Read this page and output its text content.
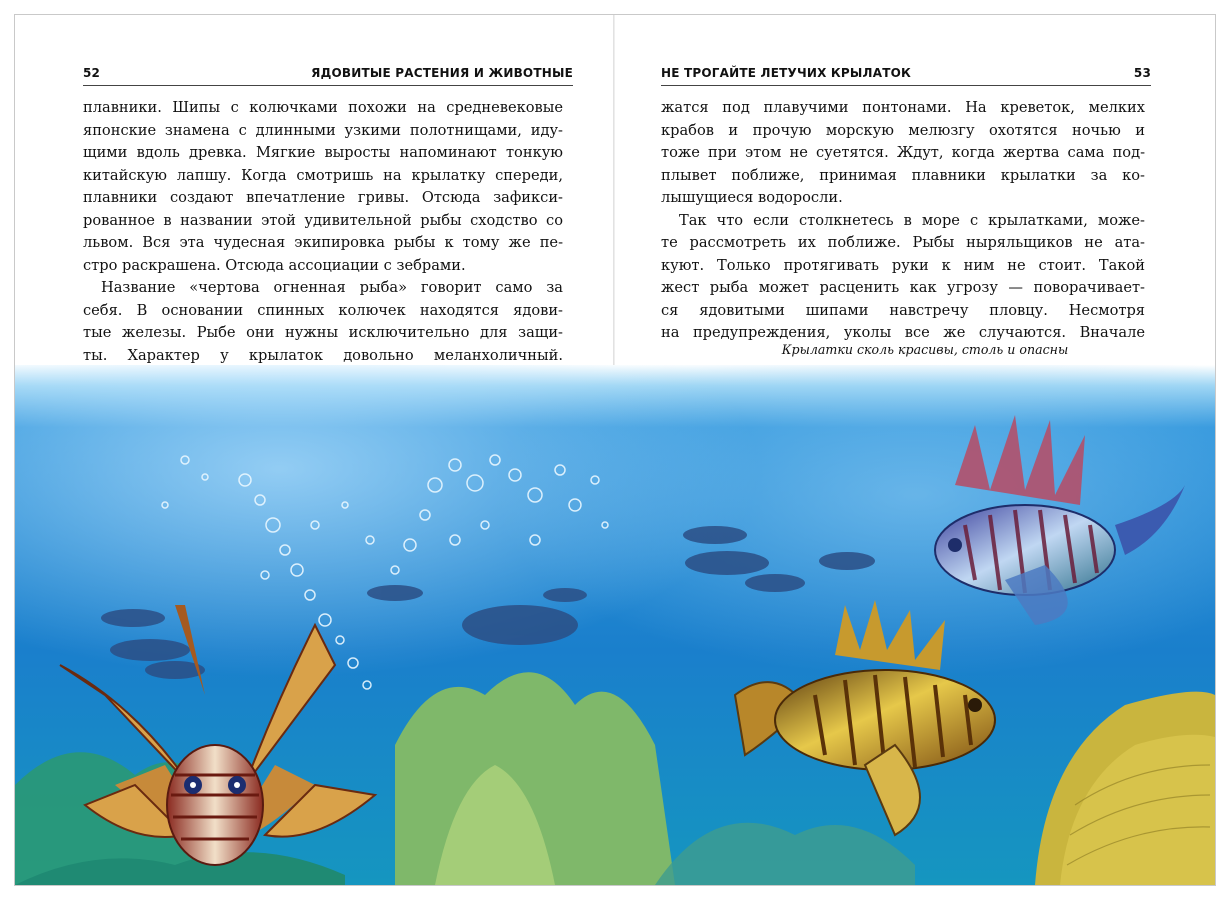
52	ЯДОВИТЫЕ РАСТЕНИЯ И ЖИВОТНЫЕ
плавники. Шипы с колючками похожи на средневековые
японские знамена с длинными узкими полотнищами, иду-
щими вдоль древка. Мягкие выросты напоминают тонкую
китайскую лапшу. Когда смотришь на крылатку спереди,
плавники создают впечатление гривы. Отсюда зафикси-
рованное в названии этой удивительной рыбы сходство со
львом. Вся эта чудесная экипировка рыбы к тому же пе-
стро раскрашена. Отсюда ассоциации с зебрами.
Название «чертова огненная рыба» говорит само за
себя. В основании спинных колючек находятся ядови-
тые железы. Рыбе они нужны исключительно для защи-
ты. Характер у крылаток довольно меланхоличный.
НЕ ТРОГАЙТЕ ЛЕТУЧИХ КРЫЛАТОК	53
жатся под плавучими понтонами. На креветок, мелких
крабов и прочую морскую мелюзгу охотятся ночью и
тоже при этом не суетятся. Ждут, когда жертва сама под-
плывет поближе, принимая плавники крылатки за ко-
лышущиеся водоросли.
Так что если столкнетесь в море с крылатками, може-
те рассмотреть их поближе. Рыбы ныряльщиков не ата-
куют. Только протягивать руки к ним не стоит. Такой
жест рыба может расценить как угрозу — поворачивает-
ся ядовитыми шипами навстречу пловцу. Несмотря
на предупреждения, уколы все же случаются. Вначале
Крылатки сколь красивы, столь и опасны
